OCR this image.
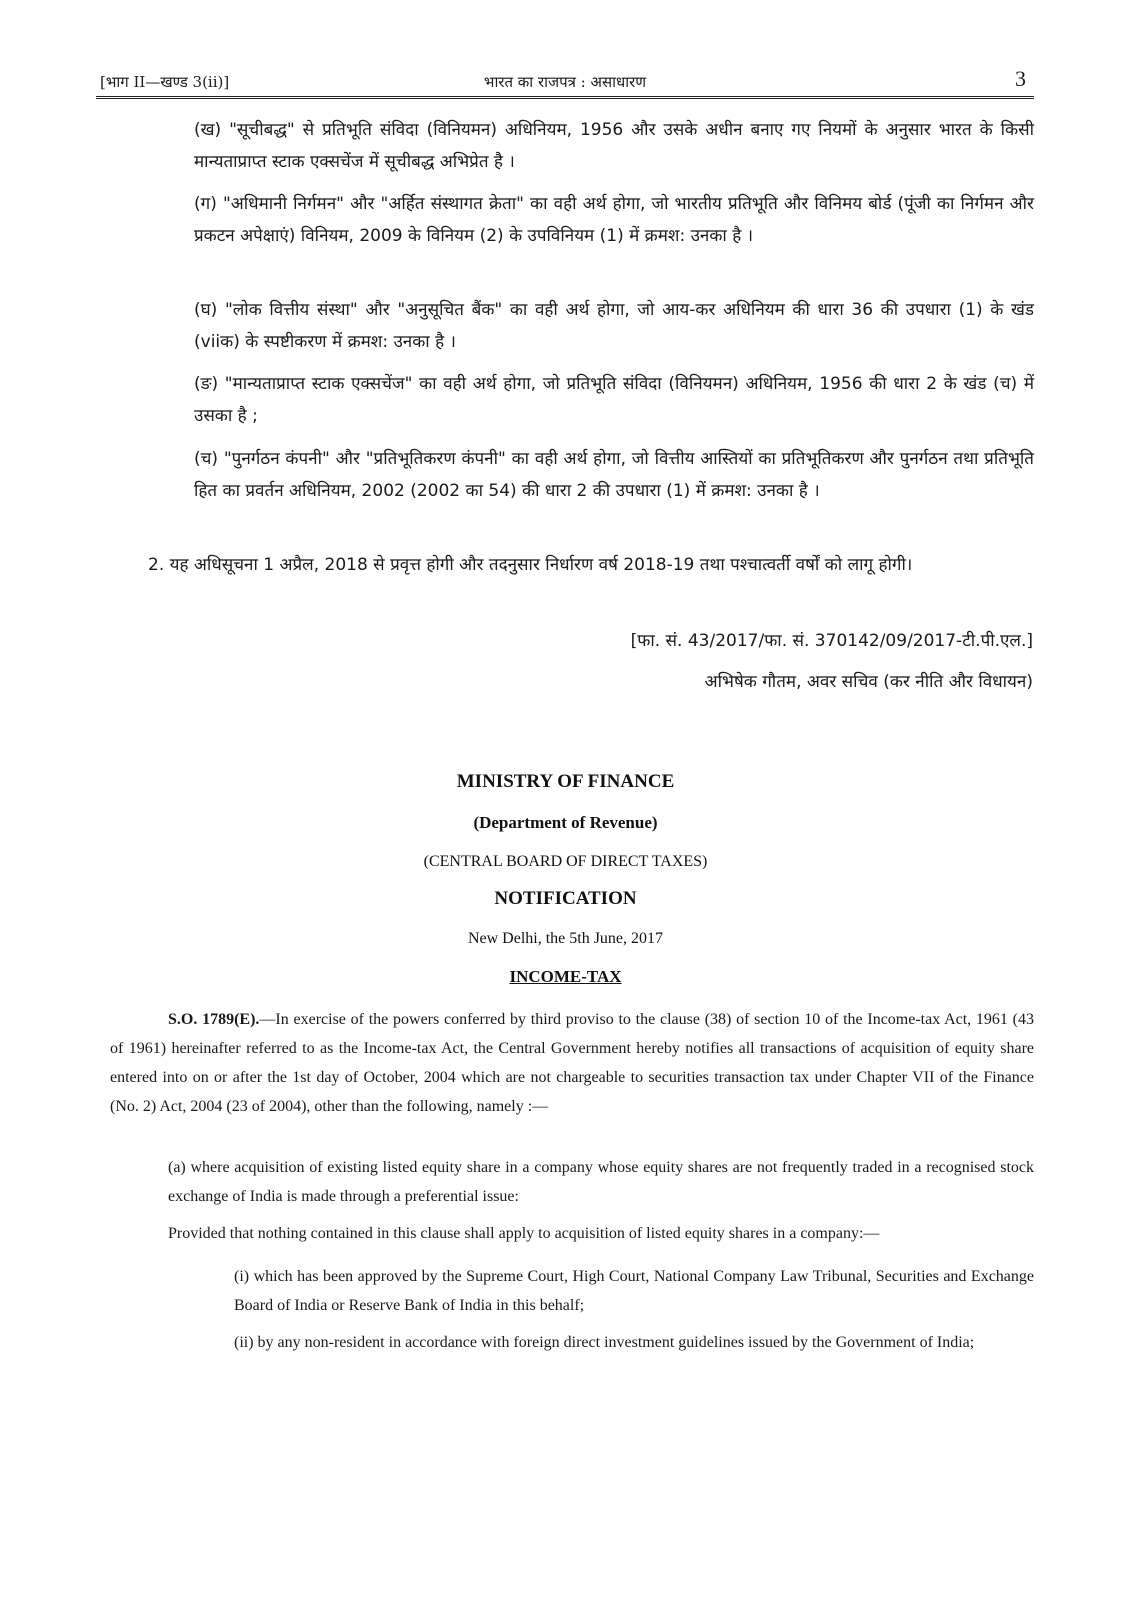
[भाग II—खण्ड 3(ii)]	भारत का राजपत्र : असाधारण	3

(ख) "सूचीबद्ध" से प्रतिभूति संविदा (विनियमन) अधिनियम, 1956 और उसके अधीन बनाए गए नियमों के अनुसार भारत के किसी मान्यताप्राप्त स्टाक एक्सचेंज में सूचीबद्ध अभिप्रेत है ।

(ग) "अधिमानी निर्गमन" और "अर्हित संस्थागत क्रेता" का वही अर्थ होगा, जो भारतीय प्रतिभूति और विनिमय बोर्ड (पूंजी का निर्गमन और प्रकटन अपेक्षाएं) विनियम, 2009 के विनियम (2) के उपविनियम (1) में क्रमश: उनका है ।

(घ) "लोक वित्तीय संस्था" और "अनुसूचित बैंक" का वही अर्थ होगा, जो आय-कर अधिनियम की धारा 36 की उपधारा (1) के खंड (viiक) के स्पष्टीकरण में क्रमश: उनका है ।

(ङ) "मान्यताप्राप्त स्टाक एक्सचेंज" का वही अर्थ होगा, जो प्रतिभूति संविदा (विनियमन) अधिनियम, 1956 की धारा 2 के खंड (च) में उसका है ;

(च) "पुनर्गठन कंपनी" और "प्रतिभूतिकरण कंपनी" का वही अर्थ होगा, जो वित्तीय आस्तियों का प्रतिभूतिकरण और पुनर्गठन तथा प्रतिभूति हित का प्रवर्तन अधिनियम, 2002 (2002 का 54) की धारा 2 की उपधारा (1) में क्रमश: उनका है ।

2. यह अधिसूचना 1 अप्रैल, 2018 से प्रवृत्त होगी और तदनुसार निर्धारण वर्ष 2018-19 तथा पश्चात्वर्ती वर्षों को लागू होगी।

[फा. सं. 43/2017/फा. सं. 370142/09/2017-टी.पी.एल.]
अभिषेक गौतम, अवर सचिव (कर नीति और विधायन)
MINISTRY OF FINANCE
(Department of Revenue)
(CENTRAL BOARD OF DIRECT TAXES)
NOTIFICATION
New Delhi, the 5th June, 2017
INCOME-TAX

S.O. 1789(E).—In exercise of the powers conferred by third proviso to the clause (38) of section 10 of the Income-tax Act, 1961 (43 of 1961) hereinafter referred to as the Income-tax Act, the Central Government hereby notifies all transactions of acquisition of equity share entered into on or after the 1st day of October, 2004 which are not chargeable to securities transaction tax under Chapter VII of the Finance (No. 2) Act, 2004 (23 of 2004), other than the following, namely :—

(a) where acquisition of existing listed equity share in a company whose equity shares are not frequently traded in a recognised stock exchange of India is made through a preferential issue:

Provided that nothing contained in this clause shall apply to acquisition of listed equity shares in a company:—

(i) which has been approved by the Supreme Court, High Court, National Company Law Tribunal, Securities and Exchange Board of India or Reserve Bank of India in this behalf;

(ii) by any non-resident in accordance with foreign direct investment guidelines issued by the Government of India;
